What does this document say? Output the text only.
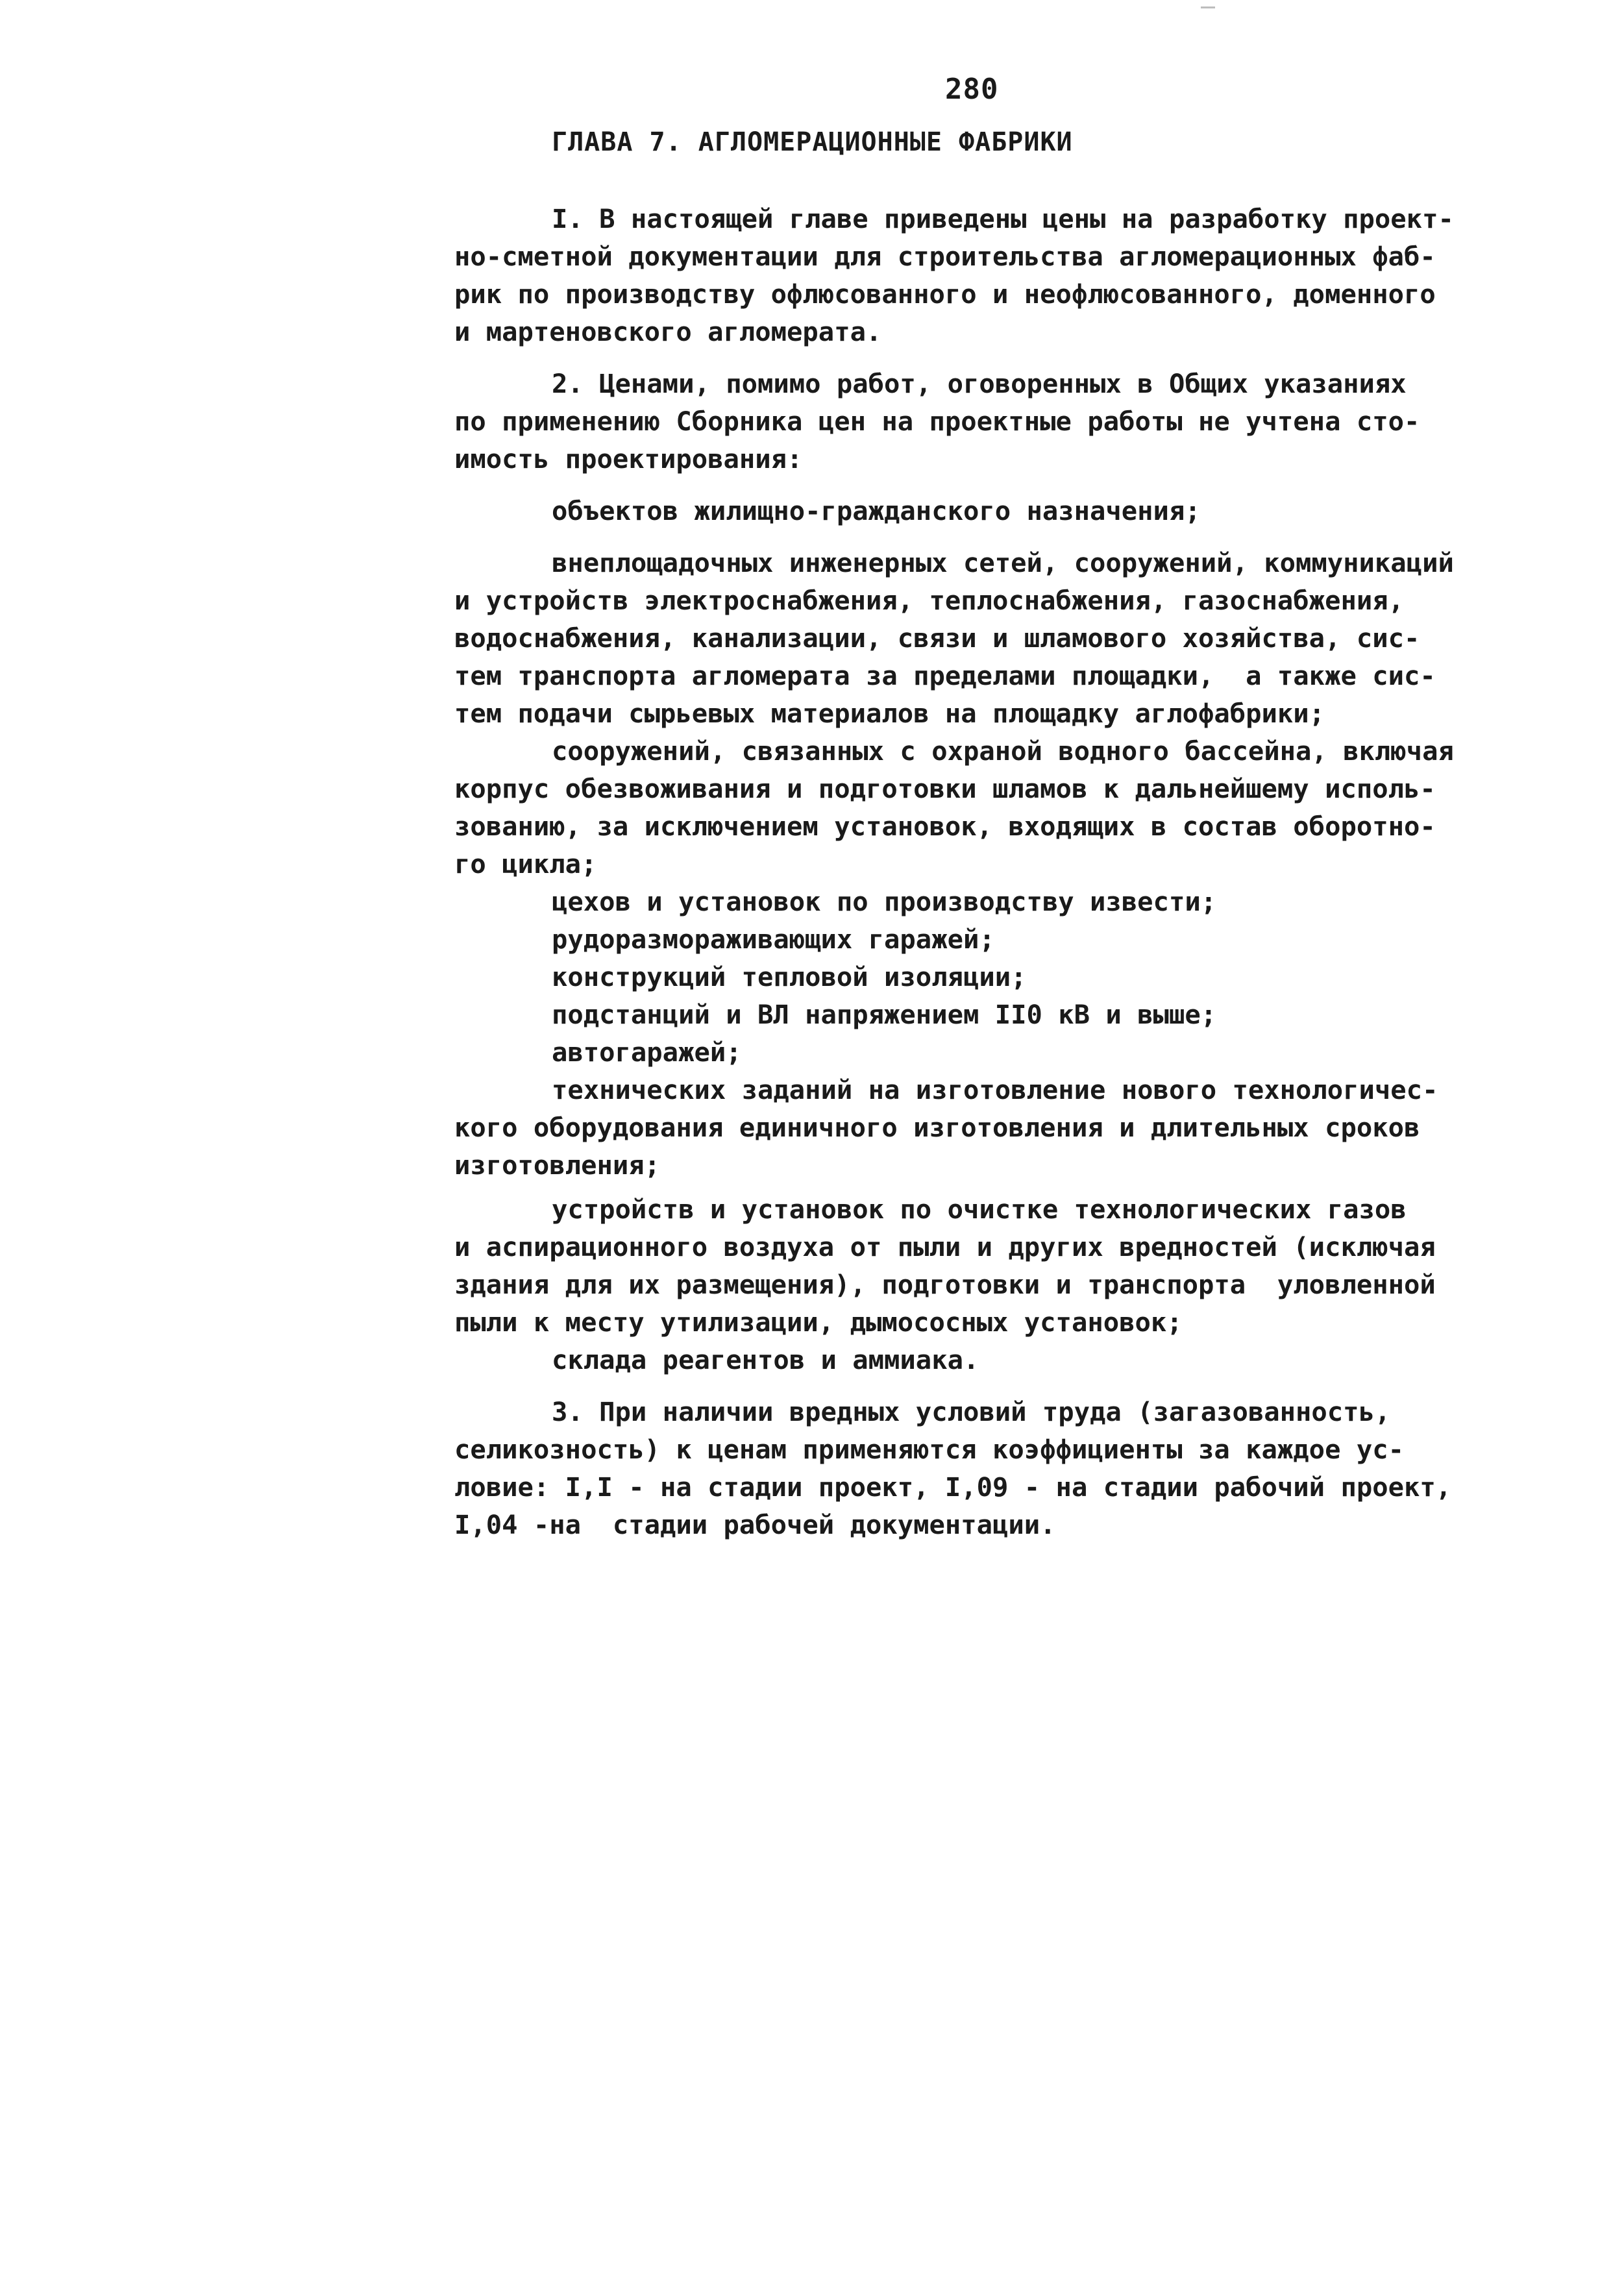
280
ГЛАВА 7. АГЛОМЕРАЦИОННЫЕ ФАБРИКИ
I. В настоящей главе приведены цены на разработку проект-
но-сметной документации для строительства агломерационных фаб-
рик по производству офлюсованного и неофлюсованного, доменного
и мартеновского агломерата.
2. Ценами, помимо работ, оговоренных в Общих указаниях
по применению Сборника цен на проектные работы не учтена сто-
имость проектирования:
объектов жилищно-гражданского назначения;
внеплощадочных инженерных сетей, сооружений, коммуникаций
и устройств электроснабжения, теплоснабжения, газоснабжения,
водоснабжения, канализации, связи и шламового хозяйства, сис-
тем транспорта агломерата за пределами площадки,  а также сис-
тем подачи сырьевых материалов на площадку аглофабрики;
сооружений, связанных с охраной водного бассейна, включая
корпус обезвоживания и подготовки шламов к дальнейшему исполь-
зованию, за исключением установок, входящих в состав оборотно-
го цикла;
цехов и установок по производству извести;
рудоразмораживающих гаражей;
конструкций тепловой изоляции;
подстанций и ВЛ напряжением II0 кВ и выше;
автогаражей;
технических заданий на изготовление нового технологичес-
кого оборудования единичного изготовления и длительных сроков
изготовления;
устройств и установок по очистке технологических газов
и аспирационного воздуха от пыли и других вредностей (исключая
здания для их размещения), подготовки и транспорта  уловленной
пыли к месту утилизации, дымососных установок;
склада реагентов и аммиака.
3. При наличии вредных условий труда (загазованность,
селикозность) к ценам применяются коэффициенты за каждое ус-
ловие: I,I - на стадии проект, I,09 - на стадии рабочий проект,
I,04 -на  стадии рабочей документации.
